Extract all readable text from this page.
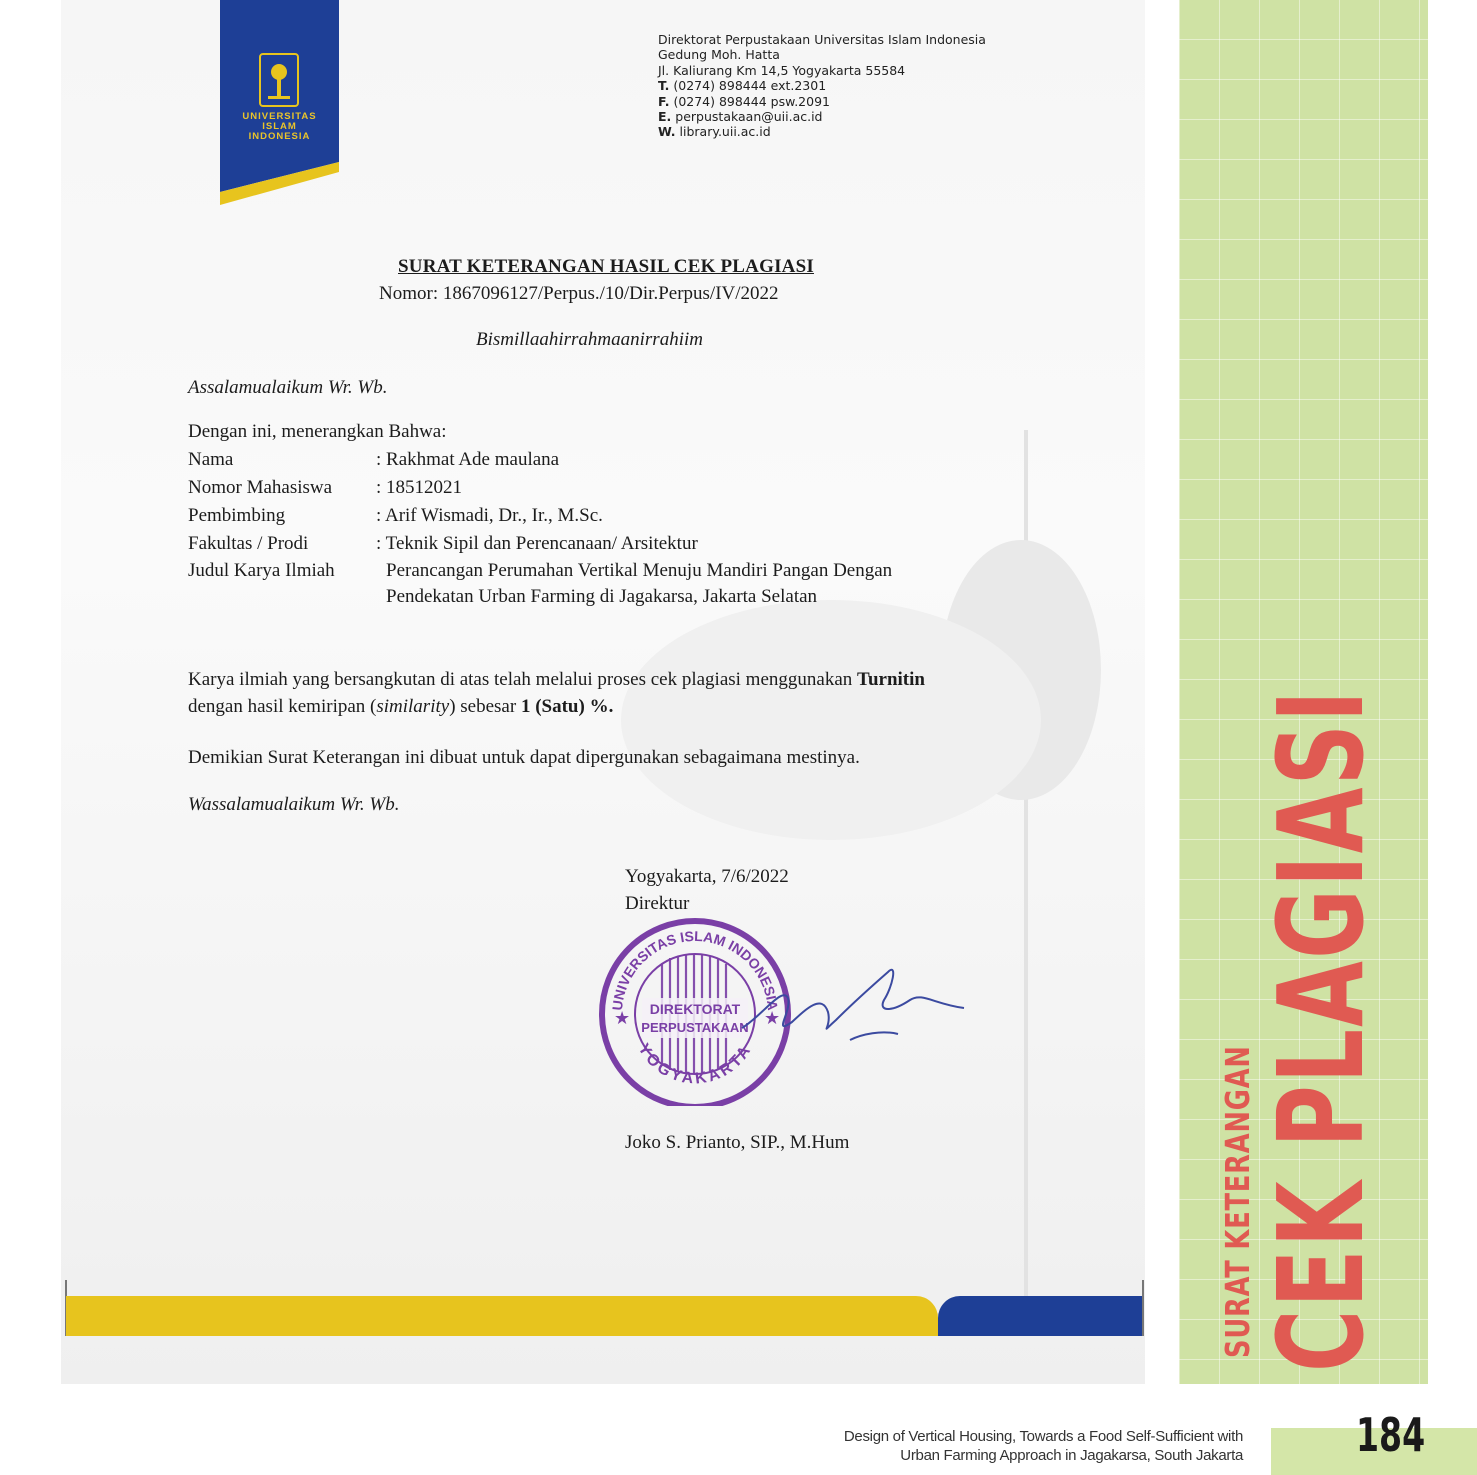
UNIVERSITAS
ISLAM
INDONESIA
Direktorat Perpustakaan Universitas Islam Indonesia
Gedung Moh. Hatta
Jl. Kaliurang Km 14,5 Yogyakarta 55584
T. (0274) 898444 ext.2301
F. (0274) 898444 psw.2091
E. perpustakaan@uii.ac.id
W. library.uii.ac.id
SURAT KETERANGAN HASIL CEK PLAGIASI
Nomor: 1867096127/Perpus./10/Dir.Perpus/IV/2022
Bismillaahirrahmaanirrahiim
Assalamualaikum Wr. Wb.
Dengan ini, menerangkan Bahwa:
Nama	: Rakhmat Ade maulana
Nomor Mahasiswa : 18512021
Pembimbing	: Arif Wismadi, Dr., Ir., M.Sc.
Fakultas / Prodi	: Teknik Sipil dan Perencanaan/ Arsitektur
Judul Karya Ilmiah	Perancangan Perumahan Vertikal Menuju Mandiri Pangan Dengan
Pendekatan Urban Farming di Jagakarsa, Jakarta Selatan
Karya ilmiah yang bersangkutan di atas telah melalui proses cek plagiasi menggunakan Turnitin
dengan hasil kemiripan (similarity) sebesar 1 (Satu) %.
Demikian Surat Keterangan ini dibuat untuk dapat dipergunakan sebagaimana mestinya.
Wassalamualaikum Wr. Wb.
Yogyakarta, 7/6/2022
Direktur
UNIVERSITAS ISLAM INDONESIA
DIREKTORAT
PERPUSTAKAAN
YOGYAKARTA
★	★
Joko S. Prianto, SIP., M.Hum	SURAT KETERANGAN
CEK PLAGIASI
Design of Vertical Housing, Towards a Food Self-Sufficient with
Urban Farming Approach in Jagakarsa, South Jakarta 184
